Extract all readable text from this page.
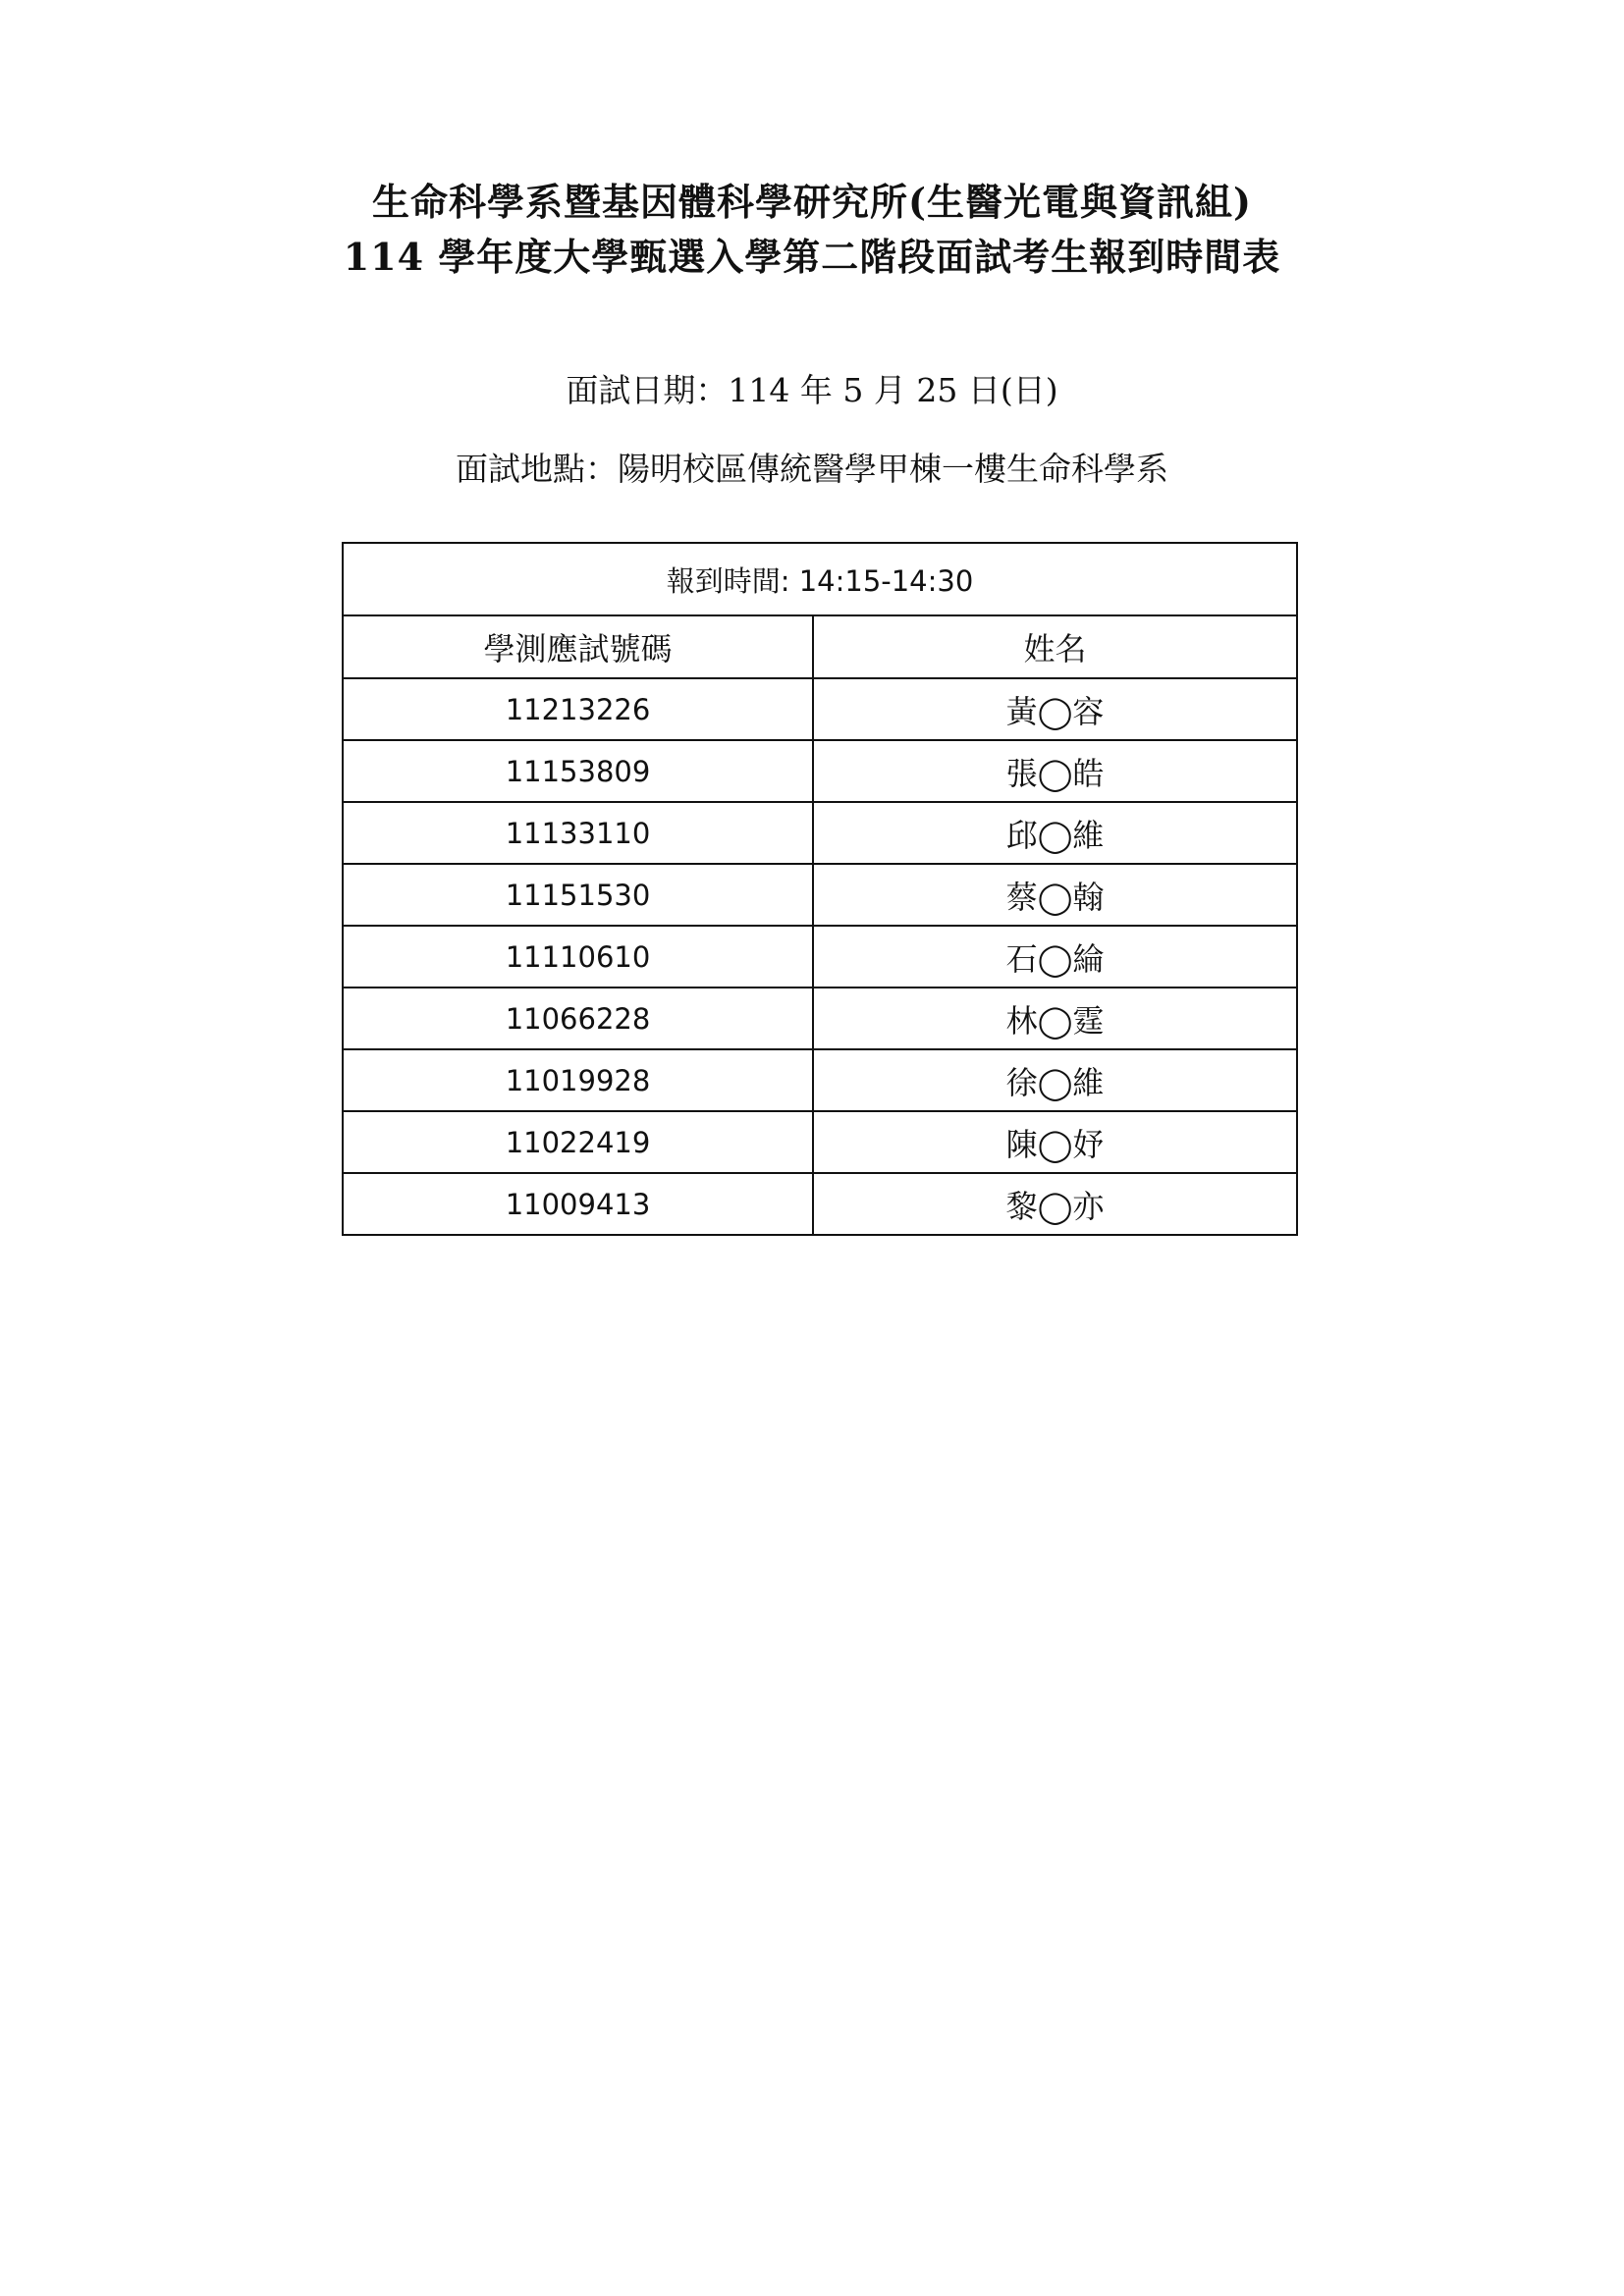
生命科學系暨基因體科學研究所(生醫光電與資訊組)
114 學年度大學甄選入學第二階段面試考生報到時間表
面試日期：114 年 5 月 25 日(日)
面試地點：陽明校區傳統醫學甲棟一樓生命科學系
報到時間: 14:15-14:30	
學測應試號碼	姓名
11213226	黃◯容
11153809	張◯皓
11133110	邱◯維
11151530	蔡◯翰
11110610	石◯綸
11066228	林◯霆
11019928	徐◯維
11022419	陳◯妤
11009413	黎◯亦
